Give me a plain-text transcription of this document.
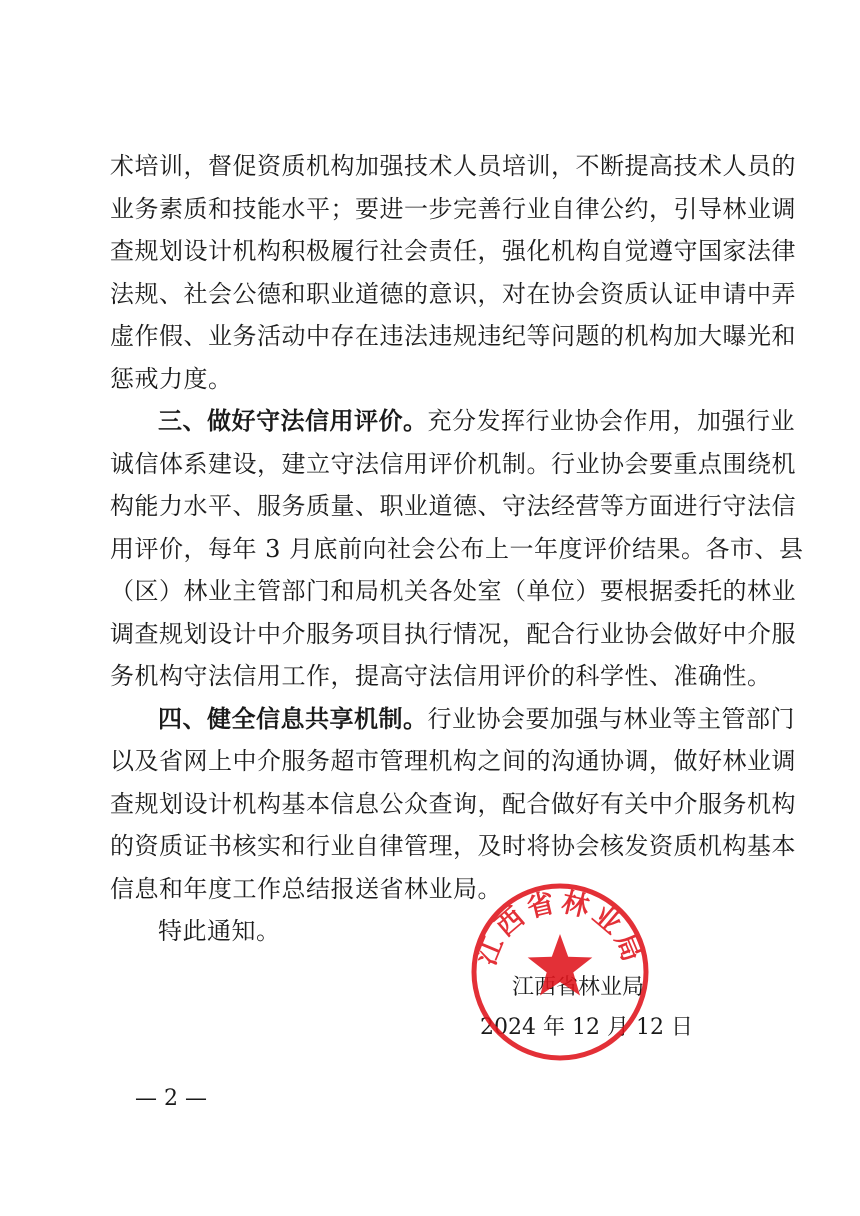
术培训，督促资质机构加强技术人员培训，不断提高技术人员的
业务素质和技能水平；要进一步完善行业自律公约，引导林业调
查规划设计机构积极履行社会责任，强化机构自觉遵守国家法律
法规、社会公德和职业道德的意识，对在协会资质认证申请中弄
虚作假、业务活动中存在违法违规违纪等问题的机构加大曝光和
惩戒力度。
三、做好守法信用评价。充分发挥行业协会作用，加强行业
诚信体系建设，建立守法信用评价机制。行业协会要重点围绕机
构能力水平、服务质量、职业道德、守法经营等方面进行守法信
用评价，每年 3 月底前向社会公布上一年度评价结果。各市、县
（区）林业主管部门和局机关各处室（单位）要根据委托的林业
调查规划设计中介服务项目执行情况，配合行业协会做好中介服
务机构守法信用工作，提高守法信用评价的科学性、准确性。
四、健全信息共享机制。行业协会要加强与林业等主管部门
以及省网上中介服务超市管理机构之间的沟通协调，做好林业调
查规划设计机构基本信息公众查询，配合做好有关中介服务机构
的资质证书核实和行业自律管理，及时将协会核发资质机构基本
信息和年度工作总结报送省林业局。
特此通知。
江西省林业局
2024 年 12 月 12 日
江西省林业局
— 2 —
